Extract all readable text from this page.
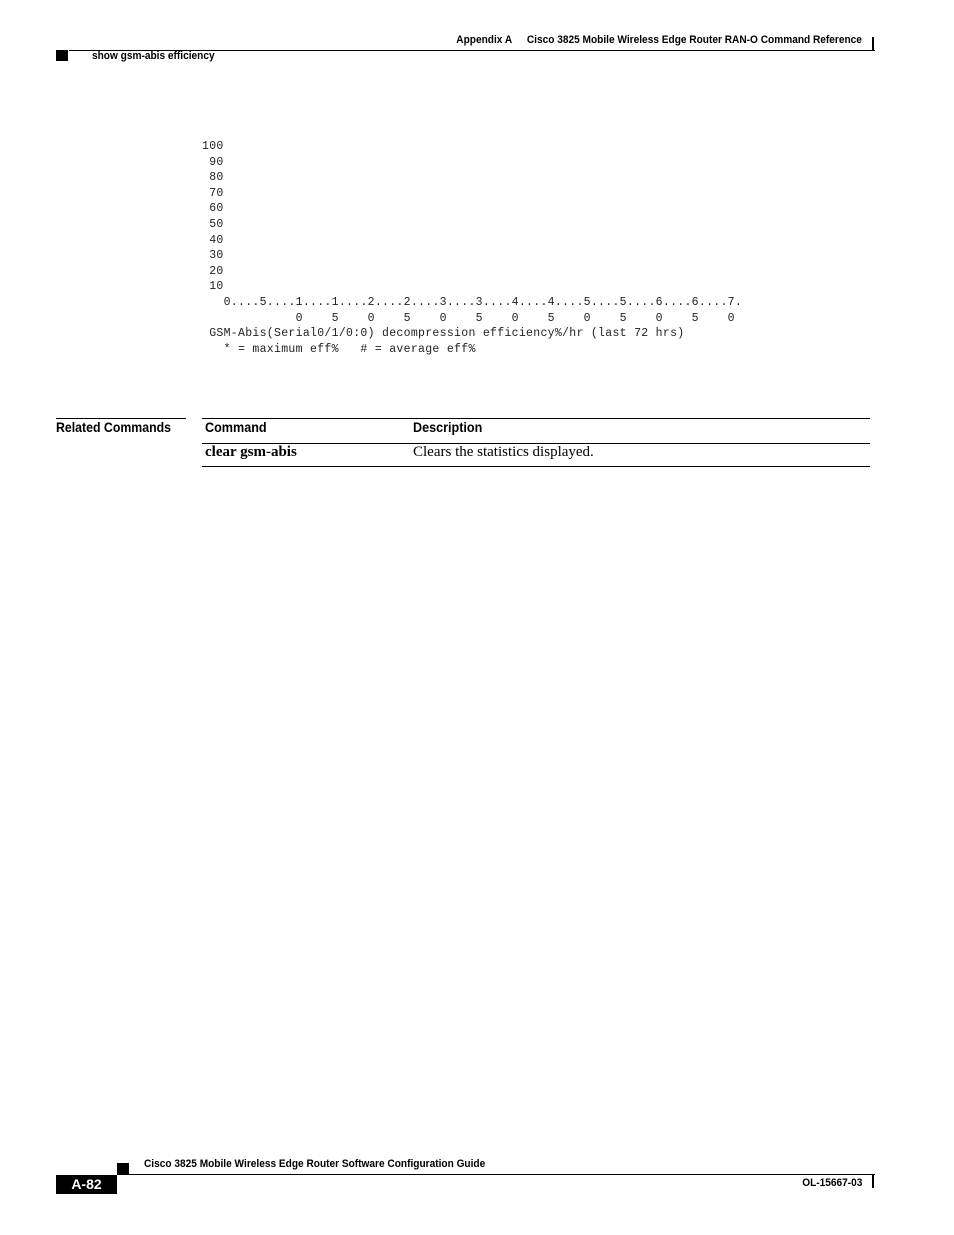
Appendix A Cisco 3825 Mobile Wireless Edge Router RAN-O Command Reference
show gsm-abis efficiency
100
90
80
70
60
50
40
30
20
10
0....5....1....1....2....2....3....3....4....4....5....5....6....6....7.
0    5    0    5    0    5    0    5    0    5    0    5    0
GSM-Abis(Serial0/1/0:0) decompression efficiency%/hr (last 72 hrs)
* = maximum eff%   # = average eff%
Related Commands Command	Description
clear gsm-abis	Clears the statistics displayed.
Cisco 3825 Mobile Wireless Edge Router Software Configuration Guide
A-82	OL-15667-03
